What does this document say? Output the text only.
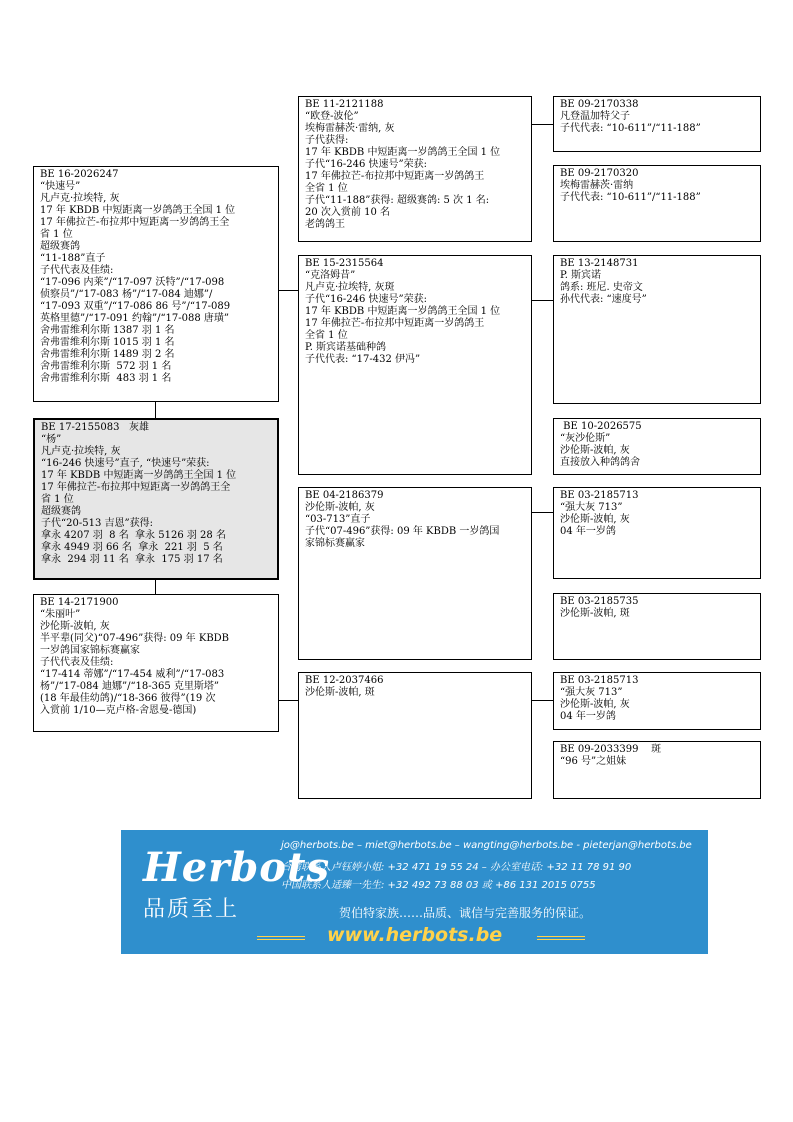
BE 17-2155083   灰雄
“杨”
凡卢克·拉埃特, 灰
“16-246 快速号”直子, “快速号”荣获:
17 年 KBDB 中短距离一岁鸽鸽王全国 1 位
17 年佛拉芒-布拉邦中短距离一岁鸽鸽王全
省 1 位
超级赛鸽
子代“20-513 吉恩”获得:
拿永 4207 羽  8 名  拿永 5126 羽 28 名
拿永 4949 羽 66 名  拿永  221 羽  5 名
拿永  294 羽 11 名  拿永  175 羽 17 名
BE 16-2026247
“快速号”
凡卢克·拉埃特, 灰
17 年 KBDB 中短距离一岁鸽鸽王全国 1 位
17 年佛拉芒-布拉邦中短距离一岁鸽鸽王全
省 1 位
超级赛鸽
“11-188”直子
子代代表及佳绩:
“17-096 内莱”/“17-097 沃特”/“17-098
侦察员”/“17-083 杨”/“17-084 迪娜”/
“17-093 双重”/“17-086 86 号”/“17-089
英格里德”/“17-091 约翰”/“17-088 唐璜”
舍弗雷维利尔斯 1387 羽 1 名
舍弗雷维利尔斯 1015 羽 1 名
舍弗雷维利尔斯 1489 羽 2 名
舍弗雷维利尔斯  572 羽 1 名
舍弗雷维利尔斯  483 羽 1 名
BE 14-2171900
“朱丽叶”
沙伦斯-波帕, 灰
半平辈(同父)“07-496”获得: 09 年 KBDB
一岁鸽国家锦标赛赢家
子代代表及佳绩:
“17-414 蒂娜”/“17-454 威利”/“17-083
杨”/“17-084 迪娜”/“18-365 克里斯塔”
(18 年最佳幼鸽)/“18-366 彼得”(19 次
入赏前 1/10—克卢格-舍恩曼-德国)
BE 11-2121188
“欧登-波伦”
埃梅雷赫茨·雷纳, 灰
子代获得:
17 年 KBDB 中短距离一岁鸽鸽王全国 1 位
子代“16-246 快速号”荣获:
17 年佛拉芒-布拉邦中短距离一岁鸽鸽王
全省 1 位
子代“11-188”获得: 超级赛鸽: 5 次 1 名:
20 次入赏前 10 名
老鸽鸽王
BE 15-2315564
“克洛姆昔”
凡卢克·拉埃特, 灰斑
子代“16-246 快速号”荣获:
17 年 KBDB 中短距离一岁鸽鸽王全国 1 位
17 年佛拉芒-布拉邦中短距离一岁鸽鸽王
全省 1 位
P. 斯宾诺基础种鸽
子代代表: “17-432 伊冯”
BE 04-2186379
沙伦斯-波帕, 灰
“03-713”直子
子代“07-496”获得: 09 年 KBDB 一岁鸽国
家锦标赛赢家
BE 12-2037466
沙伦斯-波帕, 斑
BE 09-2170338
凡登温加特父子
子代代表: “10-611”/“11-188”
BE 09-2170320
埃梅雷赫茨·雷纳
子代代表: “10-611”/“11-188”
BE 13-2148731
P. 斯宾诺
鸽系: 班尼. 史帝文
孙代代表: “速度号”
BE 10-2026575
“灰沙伦斯”
沙伦斯-波帕, 灰
直接放入种鸽鸽舍
BE 03-2185713
“强大灰 713”
沙伦斯-波帕, 灰
04 年一岁鸽
BE 03-2185735
沙伦斯-波帕, 斑
BE 03-2185713
“强大灰 713”
沙伦斯-波帕, 灰
04 年一岁鸽
BE 09-2033399    斑
“96 号”之姐妹
Herbots
品质至上
jo@herbots.be – miet@herbots.be – wangting@herbots.be - pieterjan@herbots.be
台湾联系人卢钰婷小姐: +32 471 19 55 24 – 办公室电话: +32 11 78 91 90
中国联系人适臻一先生: +32 492 73 88 03 或 +86 131 2015 0755
贺伯特家族……品质、诚信与完善服务的保证。
www.herbots.be
